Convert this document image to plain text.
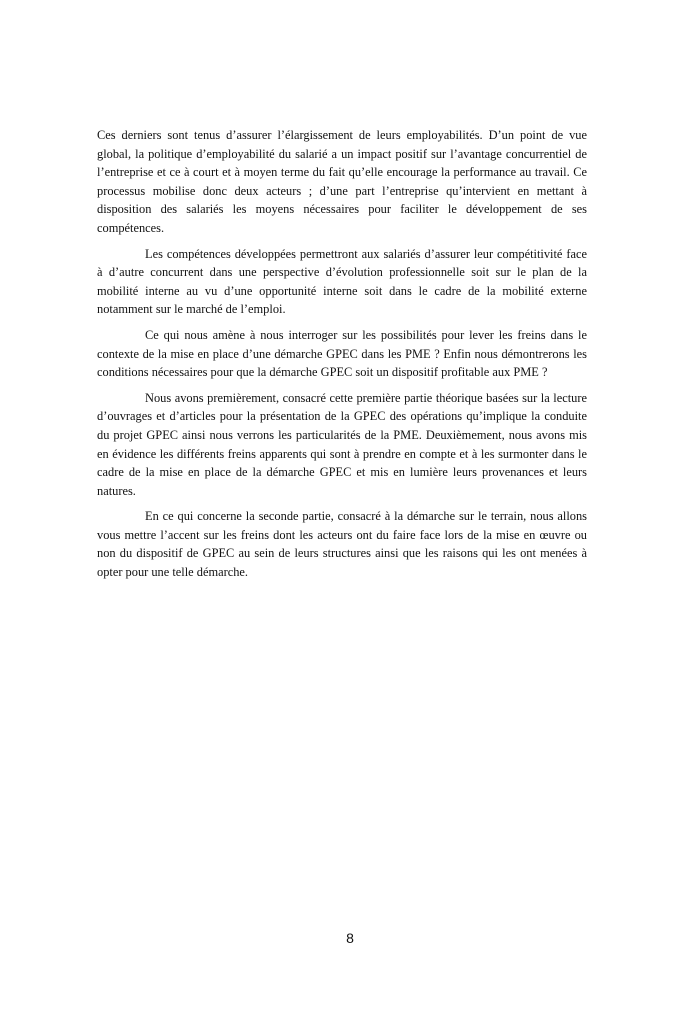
Ces derniers sont tenus d’assurer l’élargissement de leurs employabilités. D’un point de vue global, la politique d’employabilité du salarié a un impact positif sur l’avantage concurrentiel de l’entreprise et ce à court et à moyen terme du fait qu’elle encourage la performance au travail. Ce processus mobilise donc deux acteurs ; d’une part l’entreprise qu’intervient en mettant à disposition des salariés les moyens nécessaires pour faciliter le développement de ses compétences.

Les compétences développées permettront aux salariés d’assurer leur compétitivité face à d’autre concurrent dans une perspective d’évolution professionnelle soit sur le plan de la mobilité interne au vu d’une opportunité interne soit dans le cadre de la mobilité externe notamment sur le marché de l’emploi.

Ce qui nous amène à nous interroger sur les possibilités pour lever les freins dans le contexte de la mise en place d’une démarche GPEC dans les PME ? Enfin nous démontrerons les conditions nécessaires pour que la démarche GPEC soit un dispositif profitable aux PME ?

Nous avons premièrement, consacré cette première partie théorique basées sur la lecture d’ouvrages et d’articles pour la présentation de la GPEC des opérations qu’implique la conduite du projet GPEC ainsi nous verrons les particularités de la PME. Deuxièmement, nous avons mis en évidence les différents freins apparents qui sont à prendre en compte et à les surmonter dans le cadre de la mise en place de la démarche GPEC et mis en lumière leurs provenances et leurs natures.

En ce qui concerne la seconde partie, consacré à la démarche sur le terrain, nous allons vous mettre l’accent sur les freins dont les acteurs ont du faire face lors de la mise en œuvre ou non du dispositif de GPEC au sein de leurs structures ainsi que les raisons qui les ont menées à opter pour une telle démarche.

8
